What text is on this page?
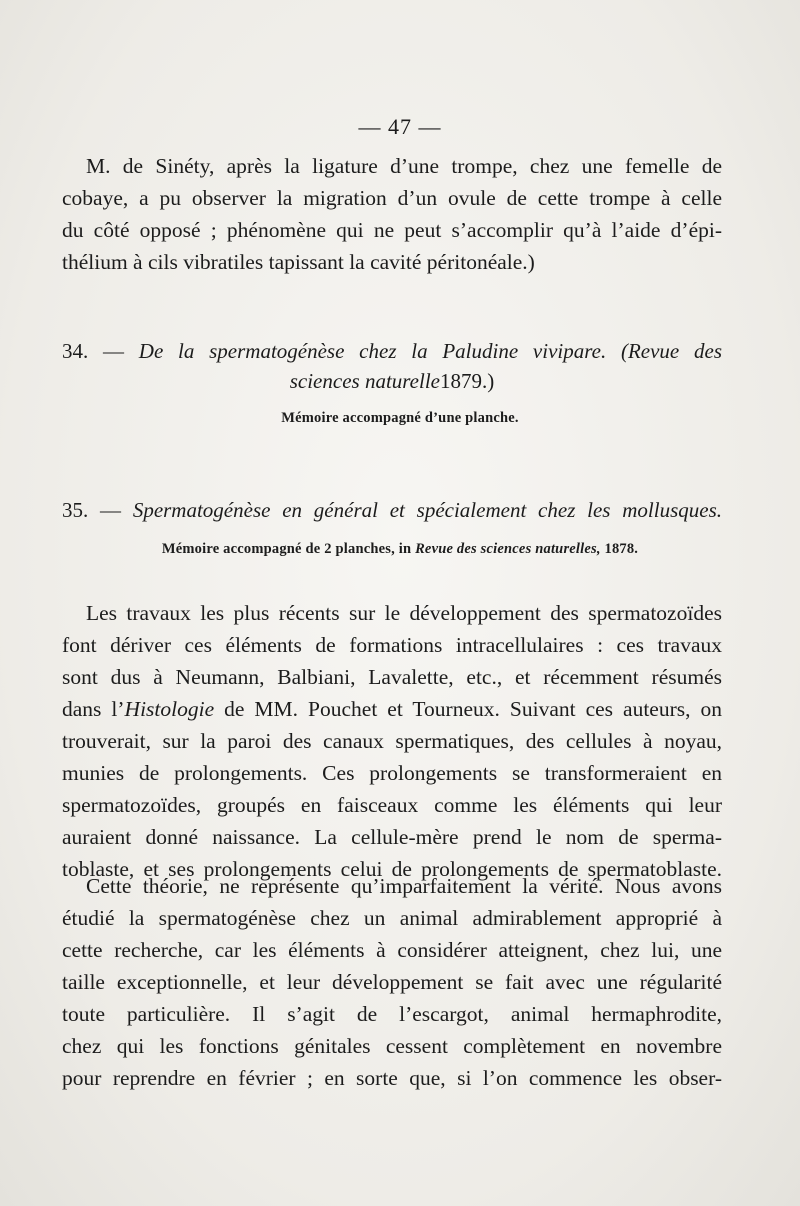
— 47 —
M. de Sinéty, après la ligature d’une trompe, chez une femelle de
cobaye, a pu observer la migration d’un ovule de cette trompe à celle
du côté opposé ; phénomène qui ne peut s’accomplir qu’à l’aide d’épi-
thélium à cils vibratiles tapissant la cavité péritonéale.)
34. — De la spermatogénèse chez la Paludine vivipare. (Revue des
sciences naturelle1879.)
Mémoire accompagné d’une planche.
35. — Spermatogénèse en général et spécialement chez les mollusques.
Mémoire accompagné de 2 planches, in Revue des sciences naturelles, 1878.
Les travaux les plus récents sur le développement des spermatozoïdes
font dériver ces éléments de formations intracellulaires : ces travaux
sont dus à Neumann, Balbiani, Lavalette, etc., et récemment résumés
dans l’Histologie de MM. Pouchet et Tourneux. Suivant ces auteurs, on
trouverait, sur la paroi des canaux spermatiques, des cellules à noyau,
munies de prolongements. Ces prolongements se transformeraient en
spermatozoïdes, groupés en faisceaux comme les éléments qui leur
auraient donné naissance. La cellule-mère prend le nom de sperma-
toblaste, et ses prolongements celui de prolongements de spermatoblaste.
Cette théorie, ne représente qu’imparfaitement la vérité. Nous avons
étudié la spermatogénèse chez un animal admirablement approprié à
cette recherche, car les éléments à considérer atteignent, chez lui, une
taille exceptionnelle, et leur développement se fait avec une régularité
toute particulière. Il s’agit de l’escargot, animal hermaphrodite,
chez qui les fonctions génitales cessent complètement en novembre
pour reprendre en février ; en sorte que, si l’on commence les obser-
